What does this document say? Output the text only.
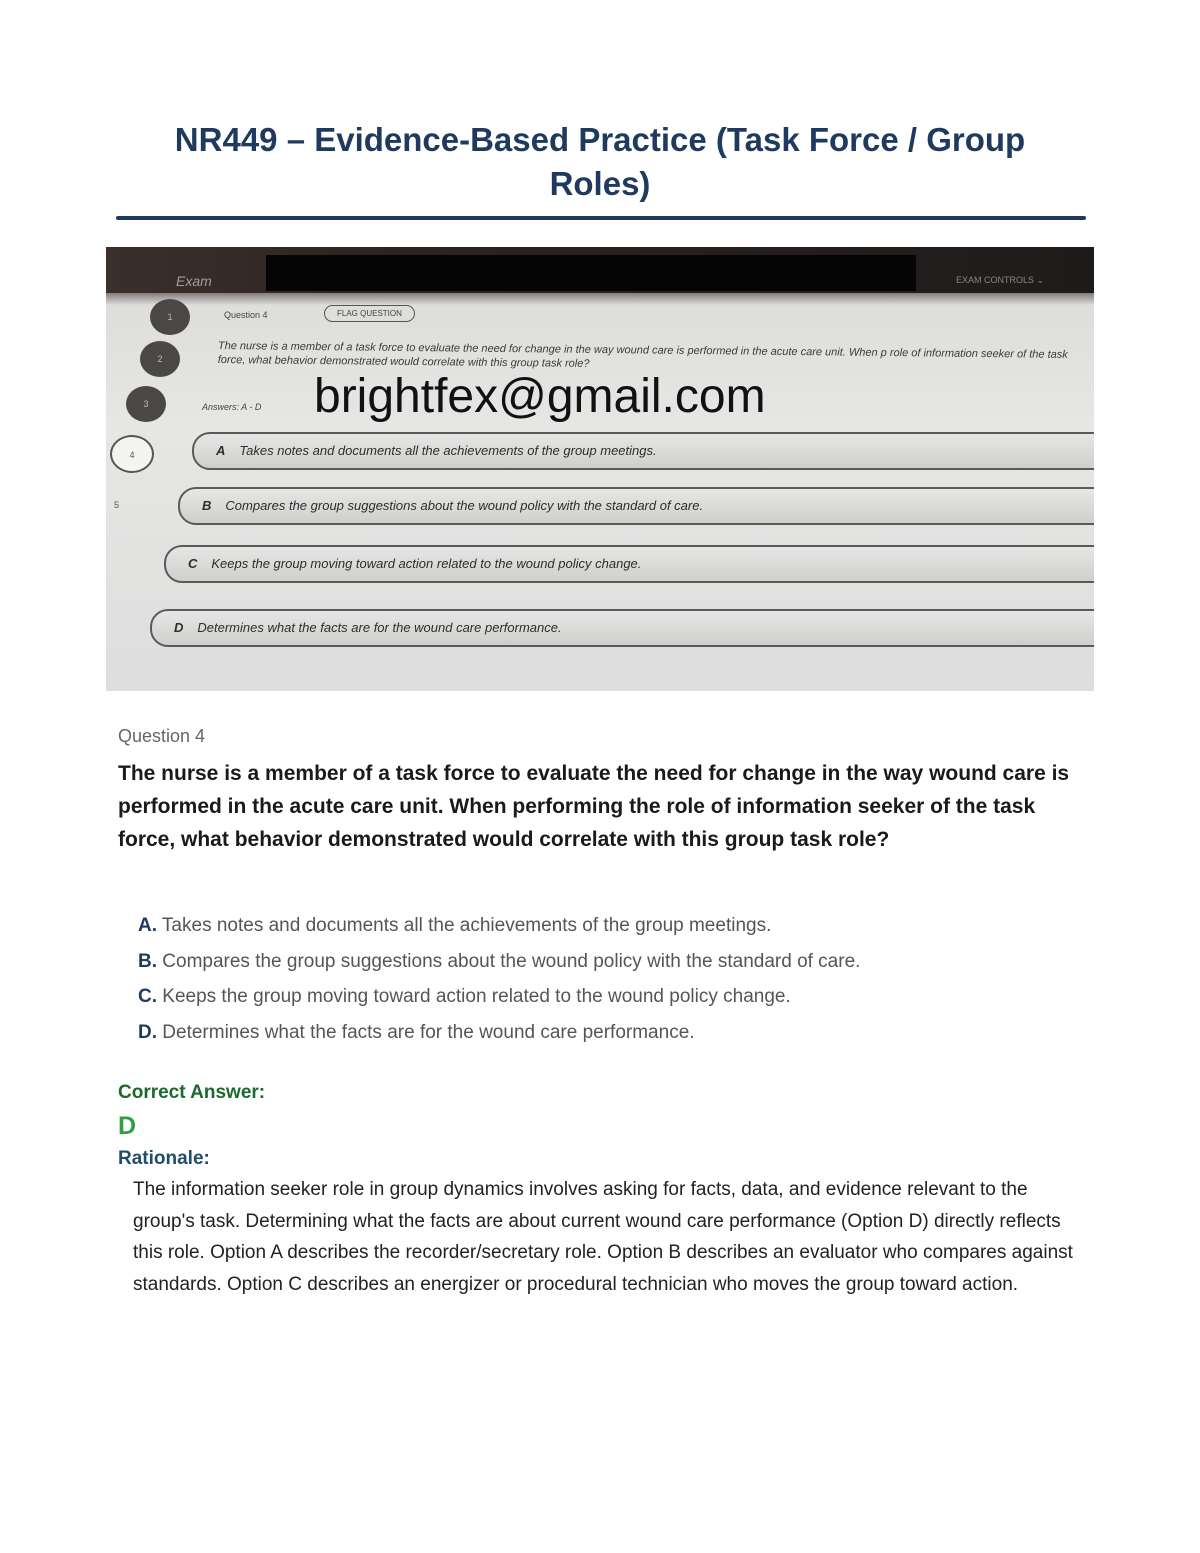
NR449 – Evidence-Based Practice (Task Force / Group Roles)
Exam	EXAM CONTROLS ⌄
1
2
3
4
5
Question 4	FLAG QUESTION
The nurse is a member of a task force to evaluate the need for change in the way wound care is performed in the acute care unit. When p role of information seeker of the task force, what behavior demonstrated would correlate with this group task role?
Answers: A - D brightfex@gmail.com
A Takes notes and documents all the achievements of the group meetings.
B Compares the group suggestions about the wound policy with the standard of care.
C Keeps the group moving toward action related to the wound policy change.
D Determines what the facts are for the wound care performance.
Question 4
The nurse is a member of a task force to evaluate the need for change in the way wound care is performed in the acute care unit. When performing the role of information seeker of the task force, what behavior demonstrated would correlate with this group task role?
A. Takes notes and documents all the achievements of the group meetings.
B. Compares the group suggestions about the wound policy with the standard of care.
C. Keeps the group moving toward action related to the wound policy change.
D. Determines what the facts are for the wound care performance.
Correct Answer:
D
Rationale:
The information seeker role in group dynamics involves asking for facts, data, and evidence relevant to the group's task. Determining what the facts are about current wound care performance (Option D) directly reflects this role. Option A describes the recorder/secretary role. Option B describes an evaluator who compares against standards. Option C describes an energizer or procedural technician who moves the group toward action.
